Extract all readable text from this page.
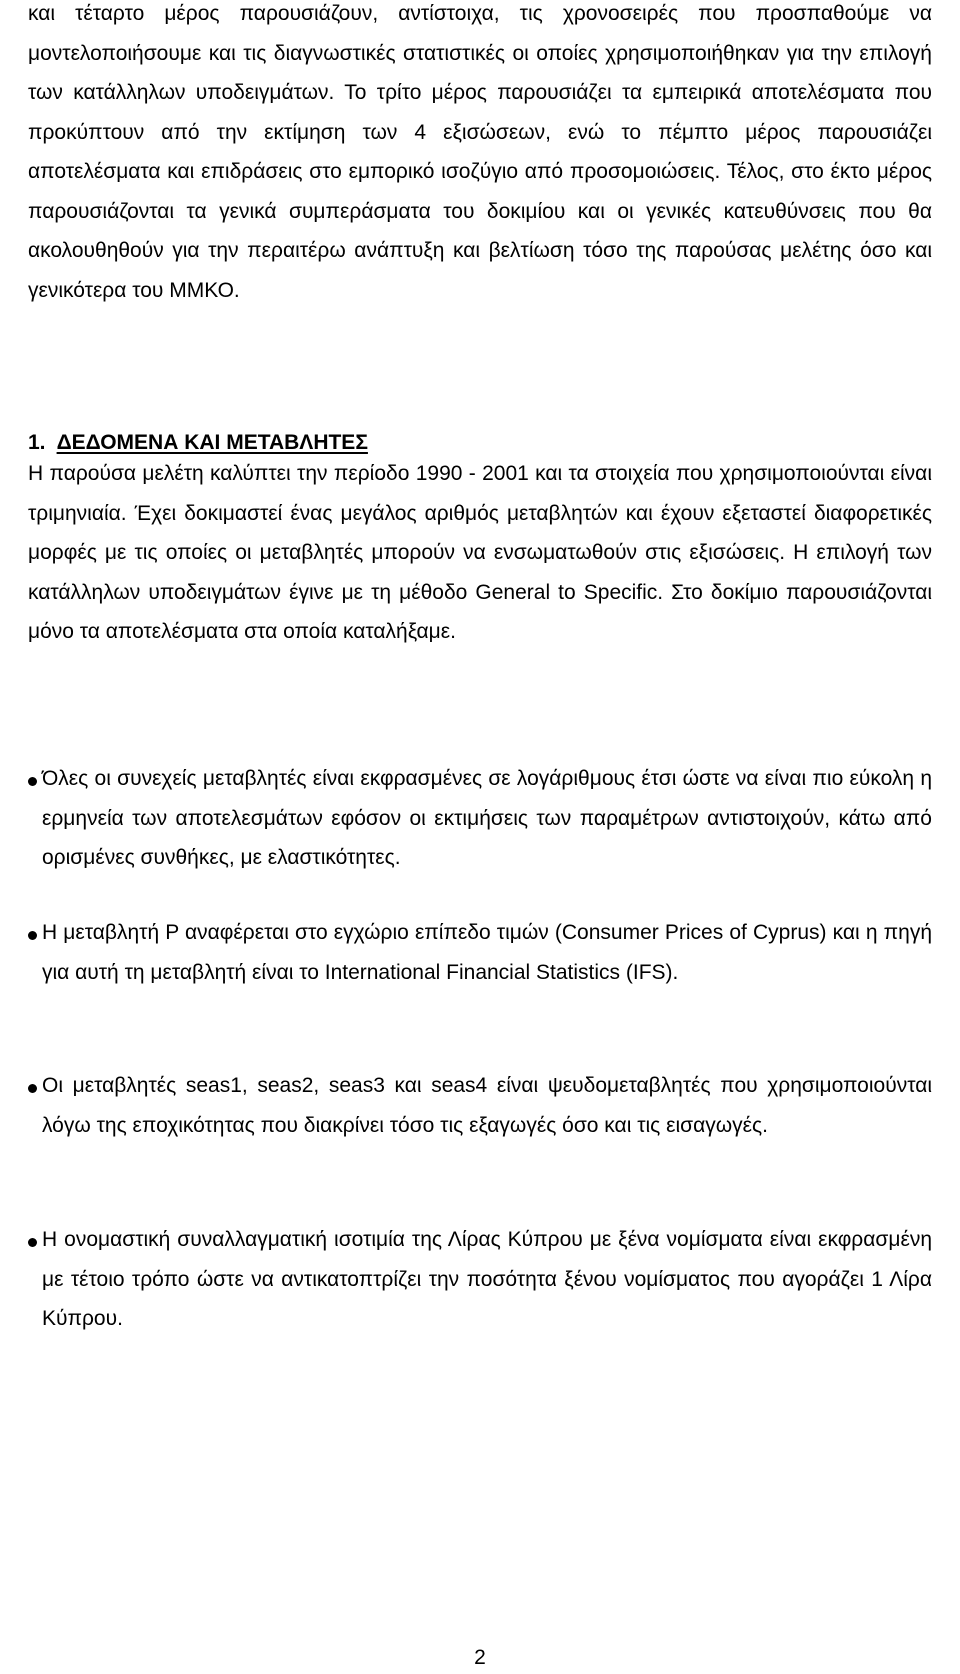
και τέταρτο μέρος παρουσιάζουν, αντίστοιχα, τις χρονοσειρές που προσπαθούμε να μοντελοποιήσουμε και τις διαγνωστικές στατιστικές οι οποίες χρησιμοποιήθηκαν για την επιλογή των κατάλληλων υποδειγμάτων. Το τρίτο μέρος παρουσιάζει τα εμπειρικά αποτελέσματα που προκύπτουν από την εκτίμηση των 4 εξισώσεων, ενώ το πέμπτο μέρος παρουσιάζει αποτελέσματα και επιδράσεις στο εμπορικό ισοζύγιο από προσομοιώσεις. Τέλος, στο έκτο μέρος παρουσιάζονται τα γενικά συμπεράσματα του δοκιμίου και οι γενικές κατευθύνσεις που θα ακολουθηθούν για την περαιτέρω ανάπτυξη και βελτίωση τόσο της παρούσας μελέτης όσο και γενικότερα του ΜΜΚΟ.

1. ΔΕΔΟΜΕΝΑ ΚΑΙ ΜΕΤΑΒΛΗΤΕΣ

Η παρούσα μελέτη καλύπτει την περίοδο 1990 - 2001 και τα στοιχεία που χρησιμοποιούνται είναι τριμηνιαία. Έχει δοκιμαστεί ένας μεγάλος αριθμός μεταβλητών και έχουν εξεταστεί διαφορετικές μορφές με τις οποίες οι μεταβλητές μπορούν να ενσωματωθούν στις εξισώσεις. Η επιλογή των κατάλληλων υποδειγμάτων έγινε με τη μέθοδο General to Specific. Στο δοκίμιο παρουσιάζονται μόνο τα αποτελέσματα στα οποία καταλήξαμε.

Όλες οι συνεχείς μεταβλητές είναι εκφρασμένες σε λογάριθμους έτσι ώστε να είναι πιο εύκολη η ερμηνεία των αποτελεσμάτων εφόσον οι εκτιμήσεις των παραμέτρων αντιστοιχούν, κάτω από ορισμένες συνθήκες, με ελαστικότητες.

Η μεταβλητή P αναφέρεται στο εγχώριο επίπεδο τιμών (Consumer Prices of Cyprus) και η πηγή για αυτή τη μεταβλητή είναι το International Financial Statistics (IFS).

Οι μεταβλητές seas1, seas2, seas3 και seas4 είναι ψευδομεταβλητές που χρησιμοποιούνται λόγω της εποχικότητας που διακρίνει τόσο τις εξαγωγές όσο και τις εισαγωγές.

Η ονομαστική συναλλαγματική ισοτιμία της Λίρας Κύπρου με ξένα νομίσματα είναι εκφρασμένη με τέτοιο τρόπο ώστε να αντικατοπτρίζει την ποσότητα ξένου νομίσματος που αγοράζει 1 Λίρα Κύπρου.

2
